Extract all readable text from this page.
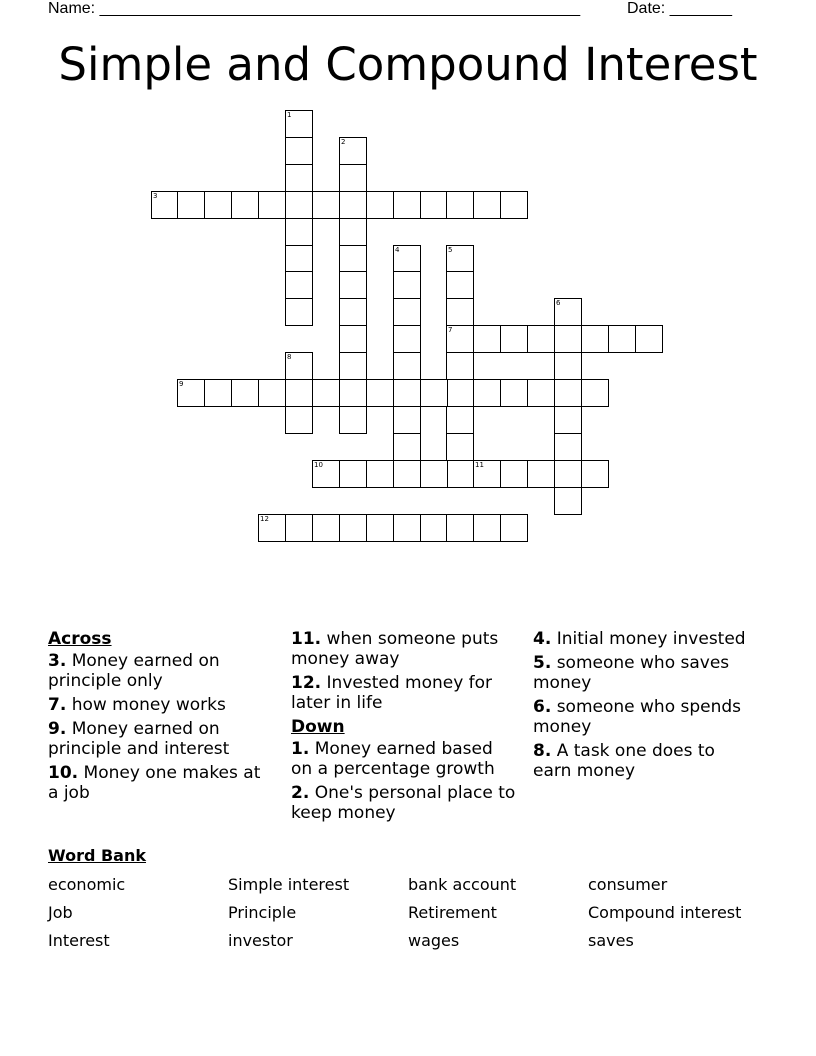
Name: ______________________________________________________	Date: _______
Simple and Compound Interest
1
2
3
4	5
6
7
8
9
10	11
12
Across
3. Money earned on principle only
7. how money works
9. Money earned on principle and interest
10. Money one makes at a job
11. when someone puts money away
12. Invested money for later in life
Down
1. Money earned based on a percentage growth
2. One's personal place to keep money
4. Initial money invested
5. someone who saves money
6. someone who spends money
8. A task one does to earn money
Word Bank
economic	Simple interest	bank account	consumer
Job	Principle	Retirement	Compound interest
Interest	investor	wages	saves
